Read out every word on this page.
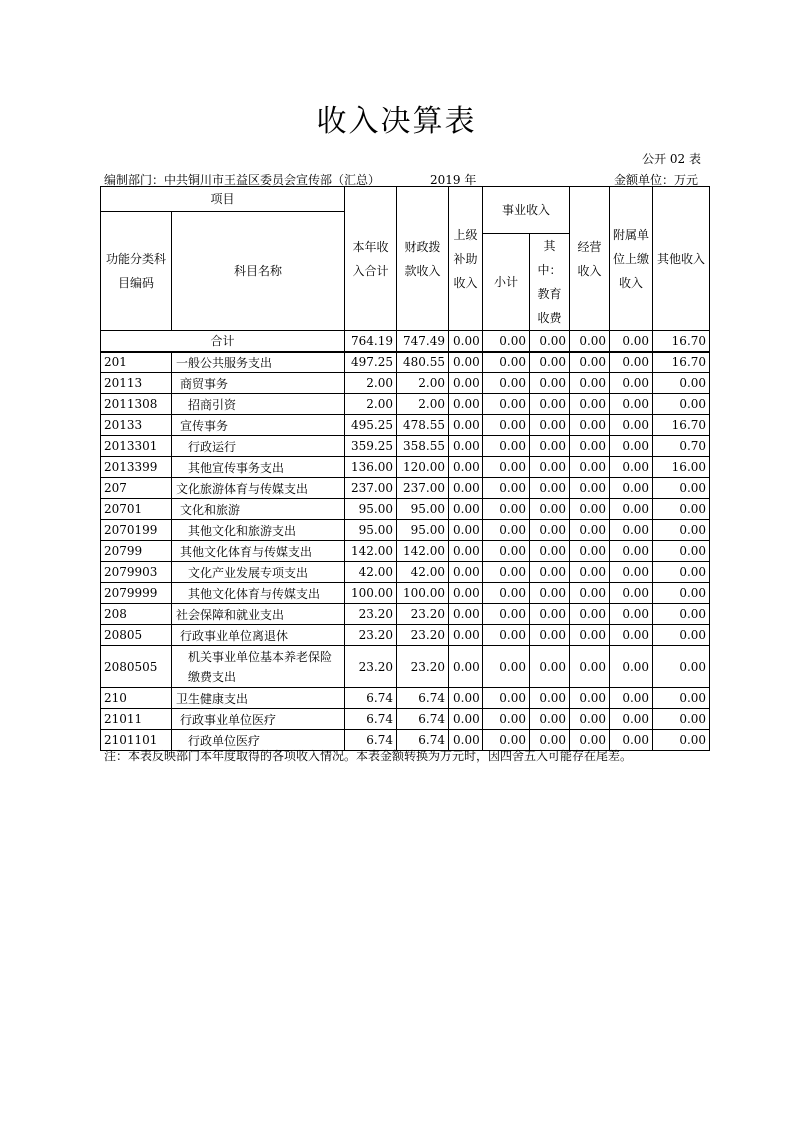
收入决算表
公开 02 表
编制部门：中共铜川市王益区委员会宣传部（汇总）	2019 年	金额单位：万元
项目		本年收入合计	财政拨款收入	上级补助收入	事业收入		经营收入	附属单位上缴收入	其他收入
功能分类科目编码	科目名称								
					小计	其中：教育收费			
合计		764.19	747.49	0.00	0.00	0.00	0.00	0.00	16.70
201	一般公共服务支出	497.25	480.55	0.00	0.00	0.00	0.00	0.00	16.70
20113	商贸事务	2.00	2.00	0.00	0.00	0.00	0.00	0.00	0.00
2011308	招商引资	2.00	2.00	0.00	0.00	0.00	0.00	0.00	0.00
20133	宣传事务	495.25	478.55	0.00	0.00	0.00	0.00	0.00	16.70
2013301	行政运行	359.25	358.55	0.00	0.00	0.00	0.00	0.00	0.70
2013399	其他宣传事务支出	136.00	120.00	0.00	0.00	0.00	0.00	0.00	16.00
207	文化旅游体育与传媒支出	237.00	237.00	0.00	0.00	0.00	0.00	0.00	0.00
20701	文化和旅游	95.00	95.00	0.00	0.00	0.00	0.00	0.00	0.00
2070199	其他文化和旅游支出	95.00	95.00	0.00	0.00	0.00	0.00	0.00	0.00
20799	其他文化体育与传媒支出	142.00	142.00	0.00	0.00	0.00	0.00	0.00	0.00
2079903	文化产业发展专项支出	42.00	42.00	0.00	0.00	0.00	0.00	0.00	0.00
2079999	其他文化体育与传媒支出	100.00	100.00	0.00	0.00	0.00	0.00	0.00	0.00
208	社会保障和就业支出	23.20	23.20	0.00	0.00	0.00	0.00	0.00	0.00
20805	行政事业单位离退休	23.20	23.20	0.00	0.00	0.00	0.00	0.00	0.00
2080505	机关事业单位基本养老保险缴费支出	23.20	23.20	0.00	0.00	0.00	0.00	0.00	0.00
210	卫生健康支出	6.74	6.74	0.00	0.00	0.00	0.00	0.00	0.00
21011	行政事业单位医疗	6.74	6.74	0.00	0.00	0.00	0.00	0.00	0.00
2101101	行政单位医疗	6.74	6.74	0.00	0.00	0.00	0.00	0.00	0.00
注：本表反映部门本年度取得的各项收入情况。本表金额转换为万元时，因四舍五入可能存在尾差。
